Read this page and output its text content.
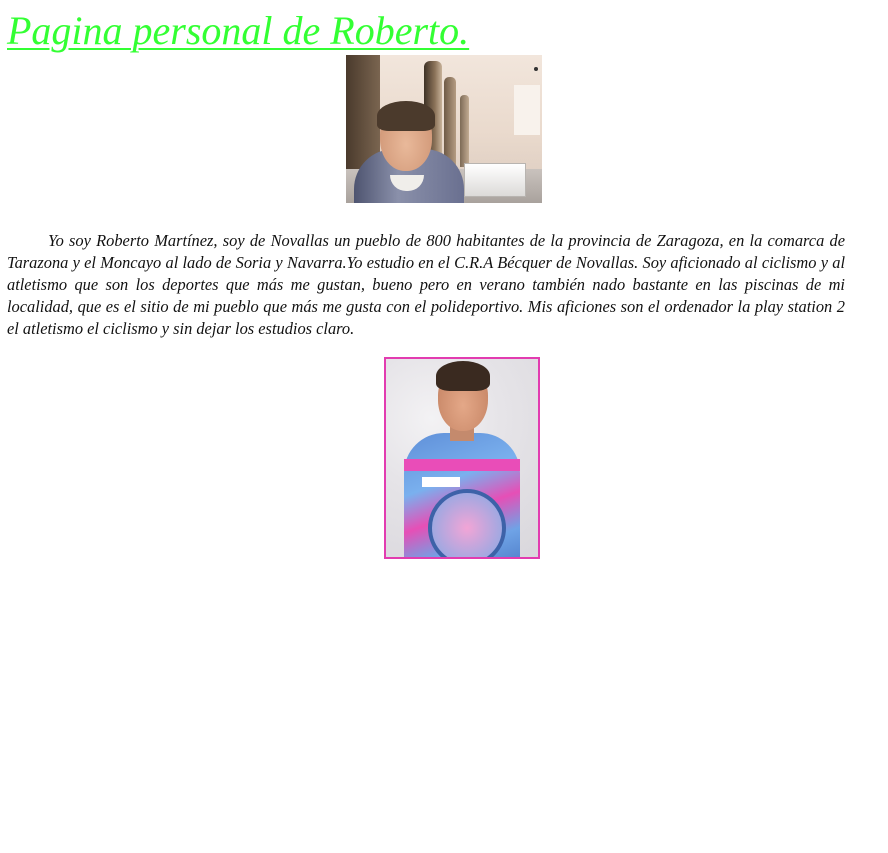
Pagina personal de Roberto.

Yo soy Roberto Martínez, soy de Novallas un pueblo de 800 habitantes de la provincia de Zaragoza, en la comarca de Tarazona y el Moncayo al lado de Soria y Navarra.Yo estudio en el C.R.A Bécquer de Novallas. Soy aficionado al ciclismo y al atletismo que son los deportes que más me gustan, bueno pero en verano también nado bastante en las piscinas de mi localidad, que es el sitio de mi pueblo que más me gusta con el polideportivo. Mis aficiones son el ordenador la play station 2 el atletismo el ciclismo y sin dejar los estudios claro.
